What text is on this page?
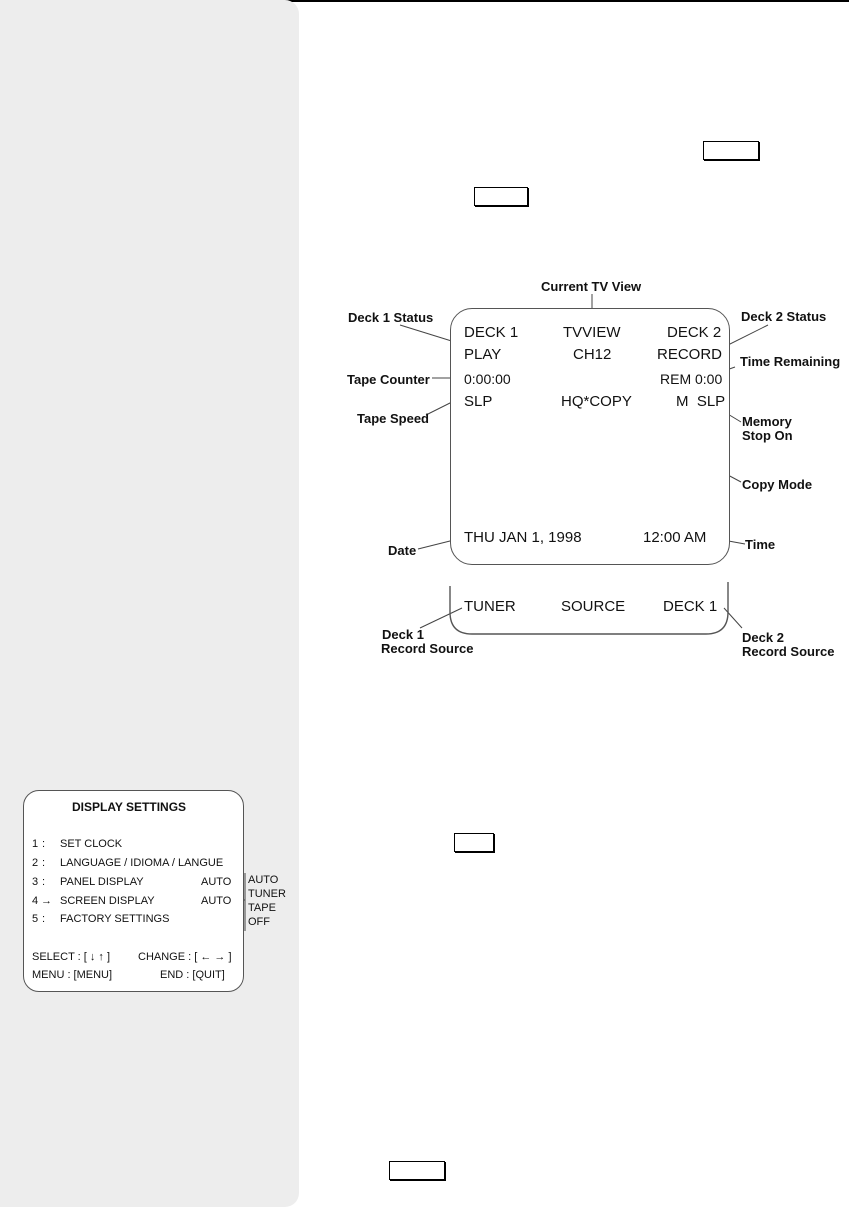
DECK 1	TVVIEW	DECK 2
PLAY	CH12	RECORD
0:00:00	REM 0:00
SLP	HQ*COPY	M  SLP
THU JAN 1, 1998	12:00 AM
TUNER	SOURCE	DECK 1
Current TV View
Deck 1 Status	Deck 2 Status
Time Remaining
Tape Counter
Tape Speed	Memory
Stop On
Copy Mode
Date	Time
Deck 1
Record Source
Deck 2
Record Source
DISPLAY SETTINGS
1 : SET CLOCK
2 : LANGUAGE / IDIOMA / LANGUE
3 : PANEL DISPLAY	AUTO
4 → SCREEN DISPLAY	AUTO
5 : FACTORY SETTINGS
SELECT : [ ↓ ↑ ]	CHANGE : [ ← → ]
MENU : [MENU]	END : [QUIT]
AUTO
TUNER
TAPE
OFF
